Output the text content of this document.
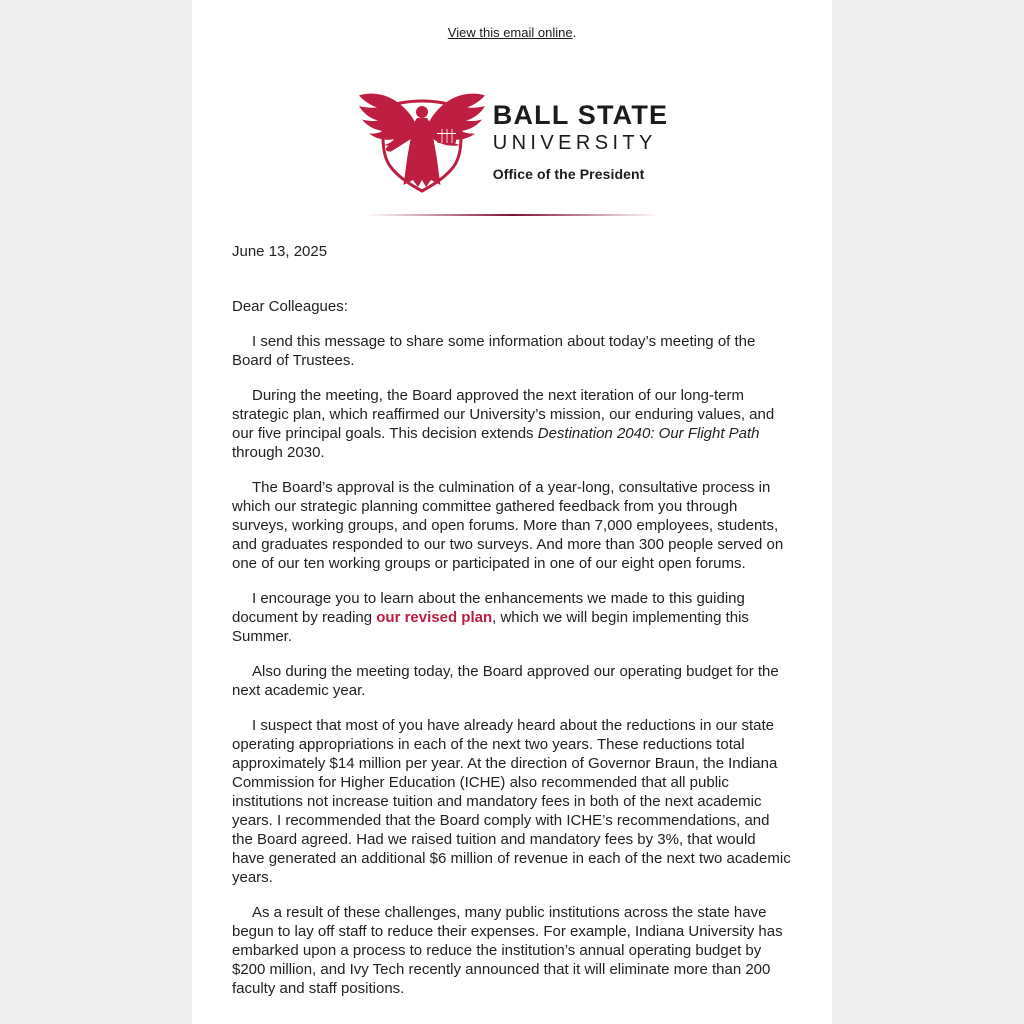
View this email online.
BALL STATE
UNIVERSITY
Office of the President

June 13, 2025

Dear Colleagues:

I send this message to share some information about today’s meeting of the Board of Trustees.

During the meeting, the Board approved the next iteration of our long-term strategic plan, which reaffirmed our University’s mission, our enduring values, and our five principal goals. This decision extends Destination 2040: Our Flight Path through 2030.

The Board’s approval is the culmination of a year-long, consultative process in which our strategic planning committee gathered feedback from you through surveys, working groups, and open forums. More than 7,000 employees, students, and graduates responded to our two surveys. And more than 300 people served on one of our ten working groups or participated in one of our eight open forums.

I encourage you to learn about the enhancements we made to this guiding document by reading our revised plan, which we will begin implementing this Summer.

Also during the meeting today, the Board approved our operating budget for the next academic year.

I suspect that most of you have already heard about the reductions in our state operating appropriations in each of the next two years. These reductions total approximately $14 million per year. At the direction of Governor Braun, the Indiana Commission for Higher Education (ICHE) also recommended that all public institutions not increase tuition and mandatory fees in both of the next academic years. I recommended that the Board comply with ICHE’s recommendations, and the Board agreed. Had we raised tuition and mandatory fees by 3%, that would have generated an additional $6 million of revenue in each of the next two academic years.

As a result of these challenges, many public institutions across the state have begun to lay off staff to reduce their expenses. For example, Indiana University has embarked upon a process to reduce the institution’s annual operating budget by $200 million, and Ivy Tech recently announced that it will eliminate more than 200 faculty and staff positions.
